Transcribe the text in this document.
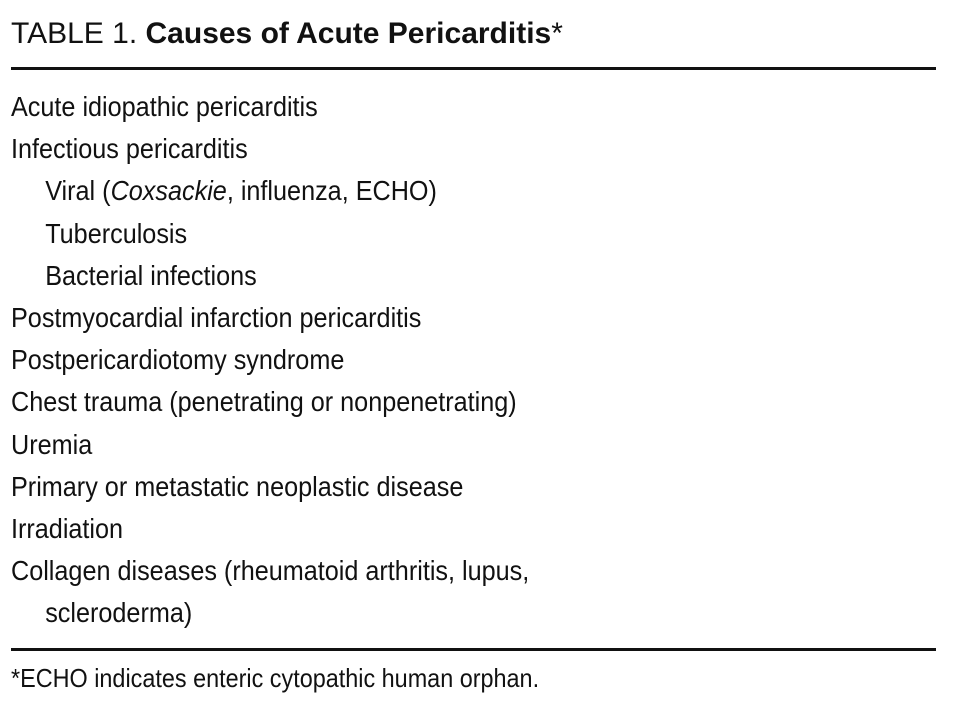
TABLE 1. Causes of Acute Pericarditis*
Acute idiopathic pericarditis
Infectious pericarditis
Viral (Coxsackie, influenza, ECHO)
Tuberculosis
Bacterial infections
Postmyocardial infarction pericarditis
Postpericardiotomy syndrome
Chest trauma (penetrating or nonpenetrating)
Uremia
Primary or metastatic neoplastic disease
Irradiation
Collagen diseases (rheumatoid arthritis, lupus,
scleroderma)
*ECHO indicates enteric cytopathic human orphan.
